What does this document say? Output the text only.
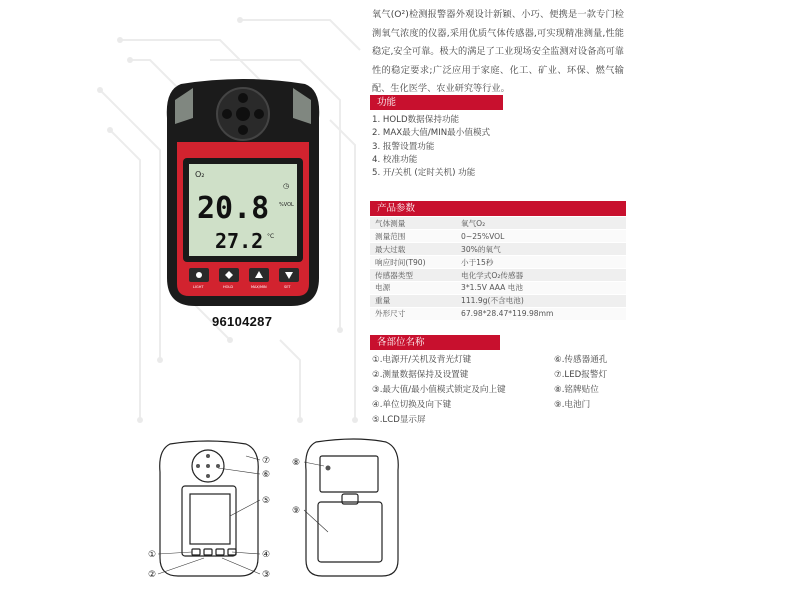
O₂
◷
20.8 %VOL
27.2 °C
LIGHT	HOLD	MAX/MIN	SET
96104287
氧气(O²)检测报警器外观设计新颖、小巧、便携是一款专门检测氧气浓度的仪器,采用优质气体传感器,可实现精准测量,性能稳定,安全可靠。极大的满足了工业现场安全监测对设备高可靠性的稳定要求;广泛应用于家庭、化工、矿业、环保、燃气输配、生化医学、农业研究等行业。
功能
1. HOLD数据保持功能
2. MAX最大值/MIN最小值模式
3. 报警设置功能
4. 校准功能
5. 开/关机 (定时关机) 功能
产品参数
气体测量	氧气O₂
测量范围	0~25%VOL
最大过载	30%的氧气
响应时间(T90)	小于15秒
传感器类型	电化学式O₂传感器
电源	3*1.5V AAA 电池
重量	111.9g(不含电池)
外形尺寸	67.98*28.47*119.98mm
各部位名称
①.电源开/关机及背光灯键
②.测量数据保持及设置键
③.最大值/最小值模式锁定及向上键
④.单位切换及向下键
⑤.LCD显示屏
⑥.传感器通孔
⑦.LED报警灯
⑧.铭牌贴位
⑨.电池门
①
②	③
④
⑤
⑥
⑦ ⑧
⑨
